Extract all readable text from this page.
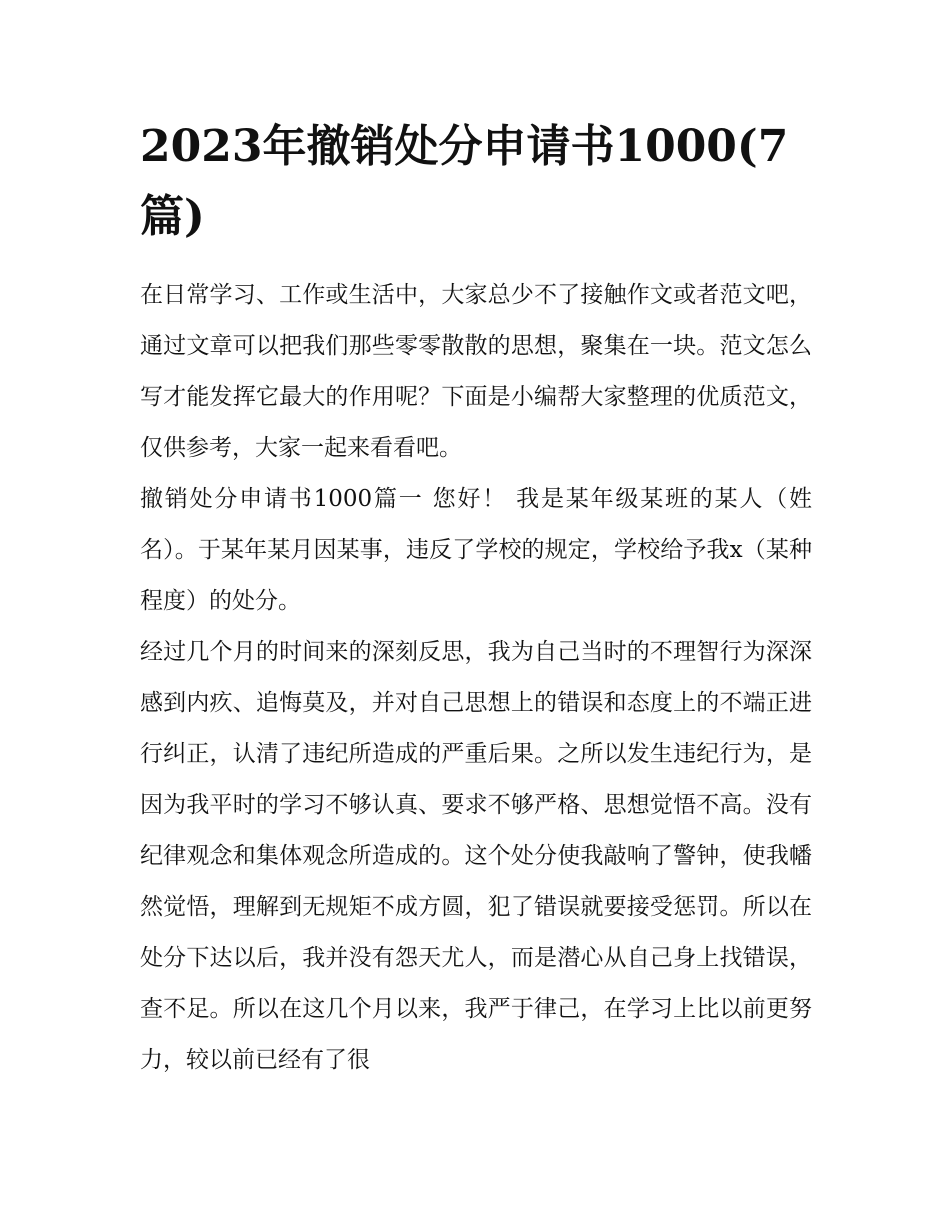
2023年撤销处分申请书1000(7篇)

在日常学习、工作或生活中，大家总少不了接触作文或者范文吧，通过文章可以把我们那些零零散散的思想，聚集在一块。范文怎么写才能发挥它最大的作用呢？下面是小编帮大家整理的优质范文，仅供参考，大家一起来看看吧。

撤销处分申请书1000篇一 您好！ 我是某年级某班的某人（姓名）。于某年某月因某事，违反了学校的规定，学校给予我x（某种程度）的处分。

经过几个月的时间来的深刻反思，我为自己当时的不理智行为深深感到内疚、追悔莫及，并对自己思想上的错误和态度上的不端正进行纠正，认清了违纪所造成的严重后果。之所以发生违纪行为，是因为我平时的学习不够认真、要求不够严格、思想觉悟不高。没有纪律观念和集体观念所造成的。这个处分使我敲响了警钟，使我幡然觉悟，理解到无规矩不成方圆，犯了错误就要接受惩罚。所以在处分下达以后，我并没有怨天尤人，而是潜心从自己身上找错误，查不足。所以在这几个月以来，我严于律己，在学习上比以前更努力，较以前已经有了很
